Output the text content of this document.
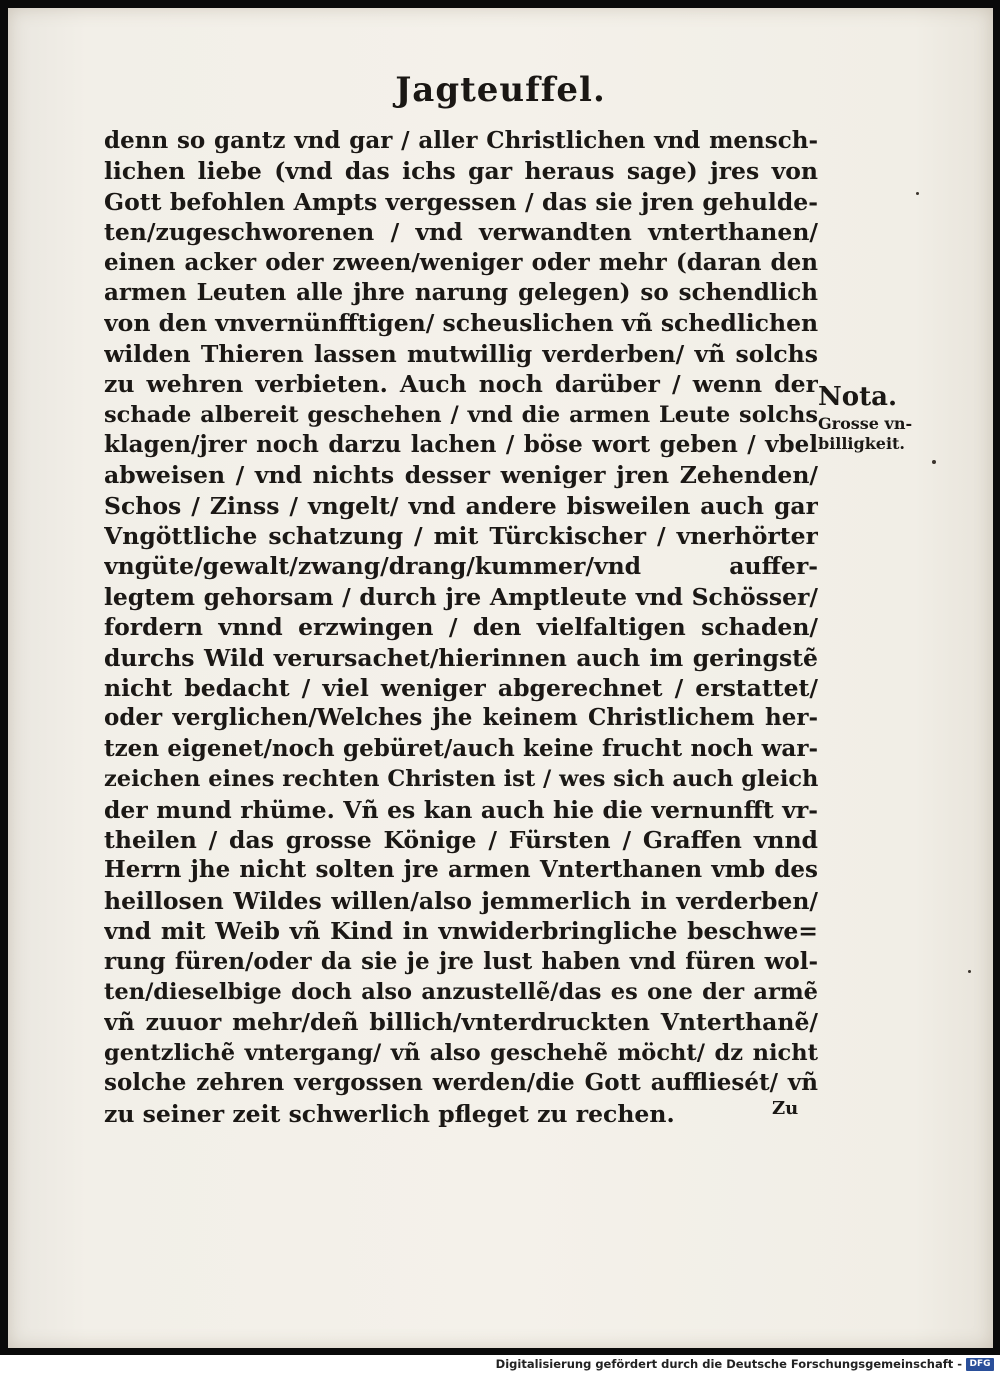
Jagteuffel.
denn so gantz vnd gar / aller Christlichen vnd mensch-
lichen liebe (vnd das ichs gar heraus sage) jres von
Gott befohlen Ampts vergessen / das sie jren gehulde-
ten/zugeschworenen / vnd verwandten vnterthanen/
einen acker oder zween/weniger oder mehr (daran den
armen Leuten alle jhre narung gelegen) so schendlich
von den vnvernünfftigen/ scheuslichen vñ schedlichen
wilden Thieren lassen mutwillig verderben/ vñ solchs
zu wehren verbieten. Auch noch darüber / wenn der
schade albereit geschehen / vnd die armen Leute solchs
klagen/jrer noch darzu lachen / böse wort geben / vbel
abweisen / vnd nichts desser weniger jren Zehenden/
Schos / Zinss / vngelt/ vnd andere bisweilen auch gar
Vngöttliche schatzung / mit Türckischer / vnerhörter
vngüte/gewalt/zwang/drang/kummer/vnd auffer-
legtem gehorsam / durch jre Amptleute vnd Schösser/
fordern vnnd erzwingen / den vielfaltigen schaden/
durchs Wild verursachet/hierinnen auch im geringstẽ
nicht bedacht / viel weniger abgerechnet / erstattet/
oder verglichen/Welches jhe keinem Christlichem her-
tzen eigenet/noch gebüret/auch keine frucht noch war-
zeichen eines rechten Christen ist / wes sich auch gleich
der mund rhüme. Vñ es kan auch hie die vernunfft vr-
theilen / das grosse Könige / Fürsten / Graffen vnnd
Herrn jhe nicht solten jre armen Vnterthanen vmb des
heillosen Wildes willen/also jemmerlich in verderben/
vnd mit Weib vñ Kind in vnwiderbringliche beschwe=
rung füren/oder da sie je jre lust haben vnd füren wol-
ten/dieselbige doch also anzustellẽ/das es one der armẽ
vñ zuuor mehr/deñ billich/vnterdruckten Vnterthanẽ/
gentzlichẽ vntergang/ vñ also geschehẽ möcht/ dz nicht
solche zehren vergossen werden/die Gott auffliesét/ vñ
zu seiner zeit schwerlich pfleget zu rechen.	Zu
Nota.
Grosse vn-
billigkeit.
Digitalisierung gefördert durch die Deutsche Forschungsgemeinschaft - DFG
